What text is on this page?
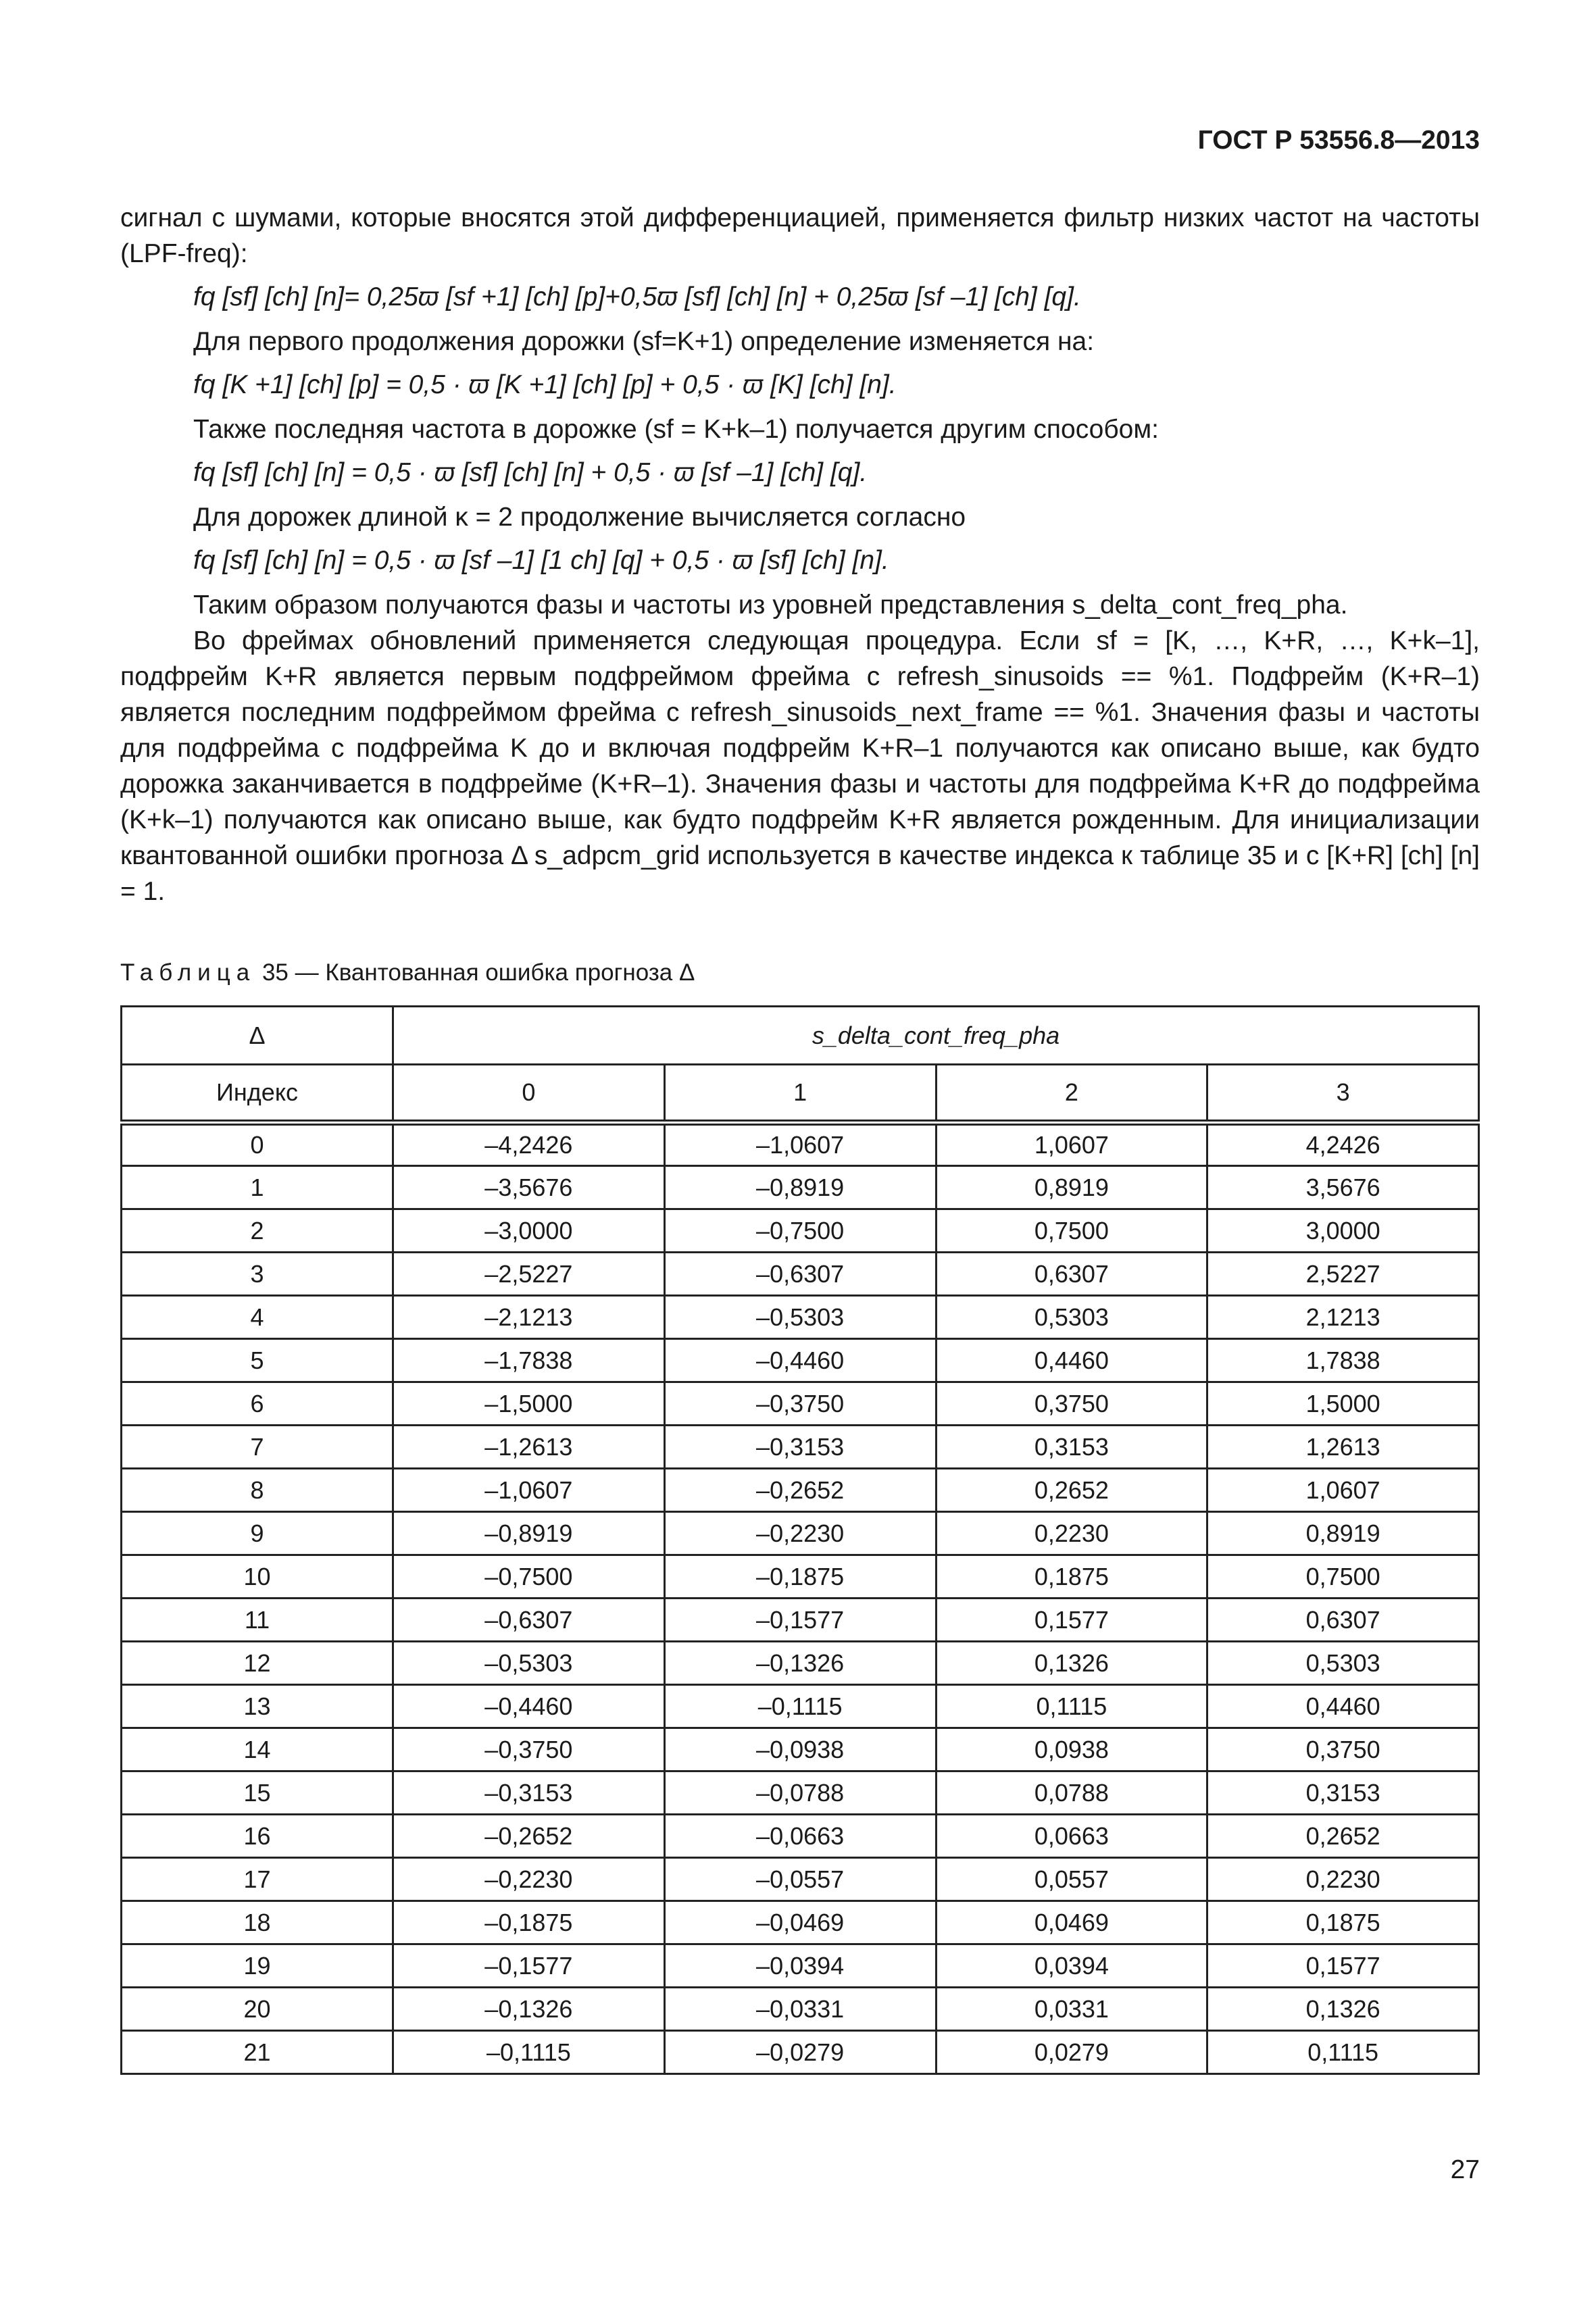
ГОСТ Р 53556.8—2013

сигнал с шумами, которые вносятся этой дифференциацией, применяется фильтр низких частот на частоты (LPF-freq):

fq [sf] [ch] [n]= 0,25ϖ [sf +1] [ch] [p]+0,5ϖ [sf] [ch] [n] + 0,25ϖ [sf –1] [ch] [q].

Для первого продолжения дорожки (sf=K+1) определение изменяется на:

fq [K +1] [ch] [p] = 0,5 · ϖ [K +1] [ch] [p] + 0,5 · ϖ [K] [ch] [n].

Также последняя частота в дорожке (sf = K+k–1) получается другим способом:

fq [sf] [ch] [n] = 0,5 · ϖ [sf] [ch] [n] + 0,5 · ϖ [sf –1] [ch] [q].

Для дорожек длиной κ = 2 продолжение вычисляется согласно

fq [sf] [ch] [n] = 0,5 · ϖ [sf –1] [1 ch] [q] + 0,5 · ϖ [sf] [ch] [n].

Таким образом получаются фазы и частоты из уровней представления s_delta_cont_freq_pha.

Во фреймах обновлений применяется следующая процедура. Если sf = [K, …, K+R, …, K+k–1], подфрейм K+R является первым подфреймом фрейма с refresh_sinusoids == %1. Подфрейм (K+R–1) является последним подфреймом фрейма с refresh_sinusoids_next_frame == %1. Значения фазы и частоты для подфрейма с подфрейма K до и включая подфрейм K+R–1 получаются как описано выше, как будто дорожка заканчивается в подфрейме (K+R–1). Значения фазы и частоты для подфрейма K+R до подфрейма (K+k–1) получаются как описано выше, как будто подфрейм K+R является рожденным. Для инициализации квантованной ошибки прогноза Δ s_adpcm_grid используется в качестве индекса к таблице 35 и c [K+R] [ch] [n] = 1.

Таблица 35 — Квантованная ошибка прогноза Δ
Δ	s_delta_cont_freq_pha			
Индекс	0	1	2	3
0	–4,2426	–1,0607	1,0607	4,2426
1	–3,5676	–0,8919	0,8919	3,5676
2	–3,0000	–0,7500	0,7500	3,0000
3	–2,5227	–0,6307	0,6307	2,5227
4	–2,1213	–0,5303	0,5303	2,1213
5	–1,7838	–0,4460	0,4460	1,7838
6	–1,5000	–0,3750	0,3750	1,5000
7	–1,2613	–0,3153	0,3153	1,2613
8	–1,0607	–0,2652	0,2652	1,0607
9	–0,8919	–0,2230	0,2230	0,8919
10	–0,7500	–0,1875	0,1875	0,7500
11	–0,6307	–0,1577	0,1577	0,6307
12	–0,5303	–0,1326	0,1326	0,5303
13	–0,4460	–0,1115	0,1115	0,4460
14	–0,3750	–0,0938	0,0938	0,3750
15	–0,3153	–0,0788	0,0788	0,3153
16	–0,2652	–0,0663	0,0663	0,2652
17	–0,2230	–0,0557	0,0557	0,2230
18	–0,1875	–0,0469	0,0469	0,1875
19	–0,1577	–0,0394	0,0394	0,1577
20	–0,1326	–0,0331	0,0331	0,1326
21	–0,1115	–0,0279	0,0279	0,1115
27
